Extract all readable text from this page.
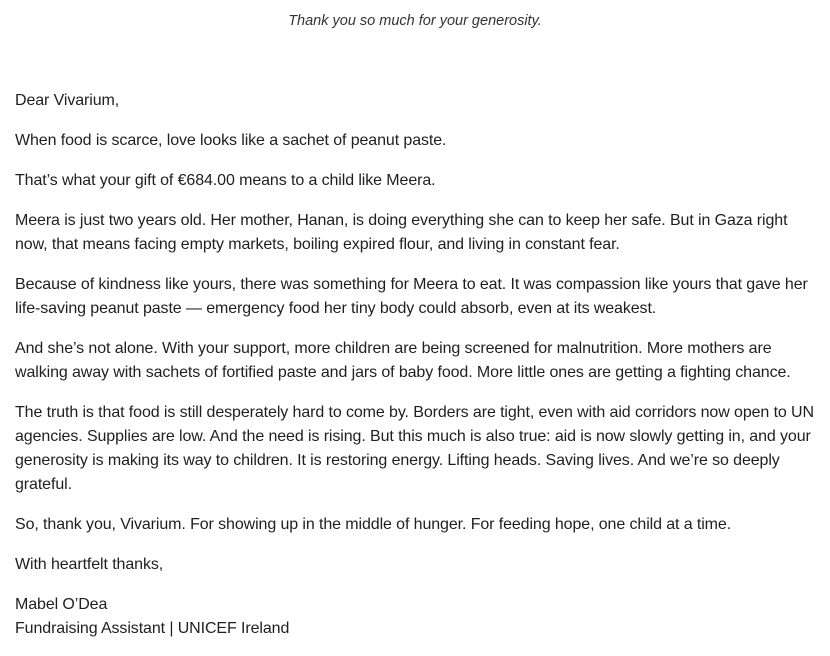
Thank you so much for your generosity.

Dear Vivarium,

When food is scarce, love looks like a sachet of peanut paste.

That’s what your gift of €684.00 means to a child like Meera.

Meera is just two years old. Her mother, Hanan, is doing everything she can to keep her safe. But in Gaza right now, that means facing empty markets, boiling expired flour, and living in constant fear.

Because of kindness like yours, there was something for Meera to eat. It was compassion like yours that gave her life-saving peanut paste — emergency food her tiny body could absorb, even at its weakest.

And she’s not alone. With your support, more children are being screened for malnutrition. More mothers are walking away with sachets of fortified paste and jars of baby food. More little ones are getting a fighting chance.

The truth is that food is still desperately hard to come by. Borders are tight, even with aid corridors now open to UN agencies. Supplies are low. And the need is rising. But this much is also true: aid is now slowly getting in, and your generosity is making its way to children. It is restoring energy. Lifting heads. Saving lives. And we’re so deeply grateful.

So, thank you, Vivarium. For showing up in the middle of hunger. For feeding hope, one child at a time.

With heartfelt thanks,

Mabel O’Dea

Fundraising Assistant | UNICEF Ireland
